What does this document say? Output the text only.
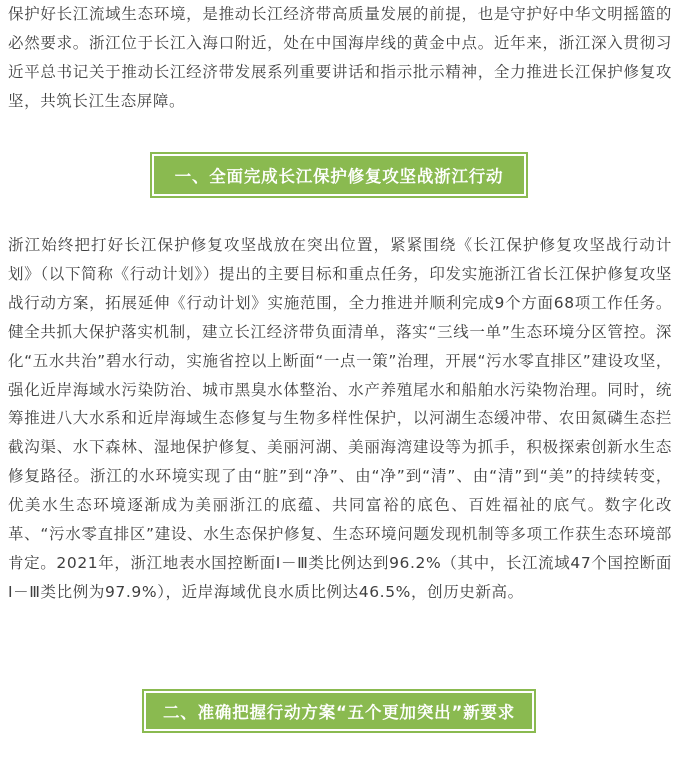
保护好长江流域生态环境，是推动长江经济带高质量发展的前提，也是守护好中华文明摇篮的必然要求。浙江位于长江入海口附近，处在中国海岸线的黄金中点。近年来，浙江深入贯彻习近平总书记关于推动长江经济带发展系列重要讲话和指示批示精神，全力推进长江保护修复攻坚，共筑长江生态屏障。

一、全面完成长江保护修复攻坚战浙江行动

浙江始终把打好长江保护修复攻坚战放在突出位置，紧紧围绕《长江保护修复攻坚战行动计划》（以下简称《行动计划》）提出的主要目标和重点任务，印发实施浙江省长江保护修复攻坚战行动方案，拓展延伸《行动计划》实施范围，全力推进并顺利完成9个方面68项工作任务。健全共抓大保护落实机制，建立长江经济带负面清单，落实“三线一单”生态环境分区管控。深化“五水共治”碧水行动，实施省控以上断面“一点一策”治理，开展“污水零直排区”建设攻坚，强化近岸海域水污染防治、城市黑臭水体整治、水产养殖尾水和船舶水污染物治理。同时，统筹推进八大水系和近岸海域生态修复与生物多样性保护，以河湖生态缓冲带、农田氮磷生态拦截沟渠、水下森林、湿地保护修复、美丽河湖、美丽海湾建设等为抓手，积极探索创新水生态修复路径。浙江的水环境实现了由“脏”到“净”、由“净”到“清”、由“清”到“美”的持续转变，优美水生态环境逐渐成为美丽浙江的底蕴、共同富裕的底色、百姓福祉的底气。数字化改革、“污水零直排区”建设、水生态保护修复、生态环境问题发现机制等多项工作获生态环境部肯定。2021年，浙江地表水国控断面Ⅰ－Ⅲ类比例达到96.2%（其中，长江流域47个国控断面Ⅰ－Ⅲ类比例为97.9%），近岸海域优良水质比例达46.5%，创历史新高。

二、准确把握行动方案“五个更加突出”新要求
